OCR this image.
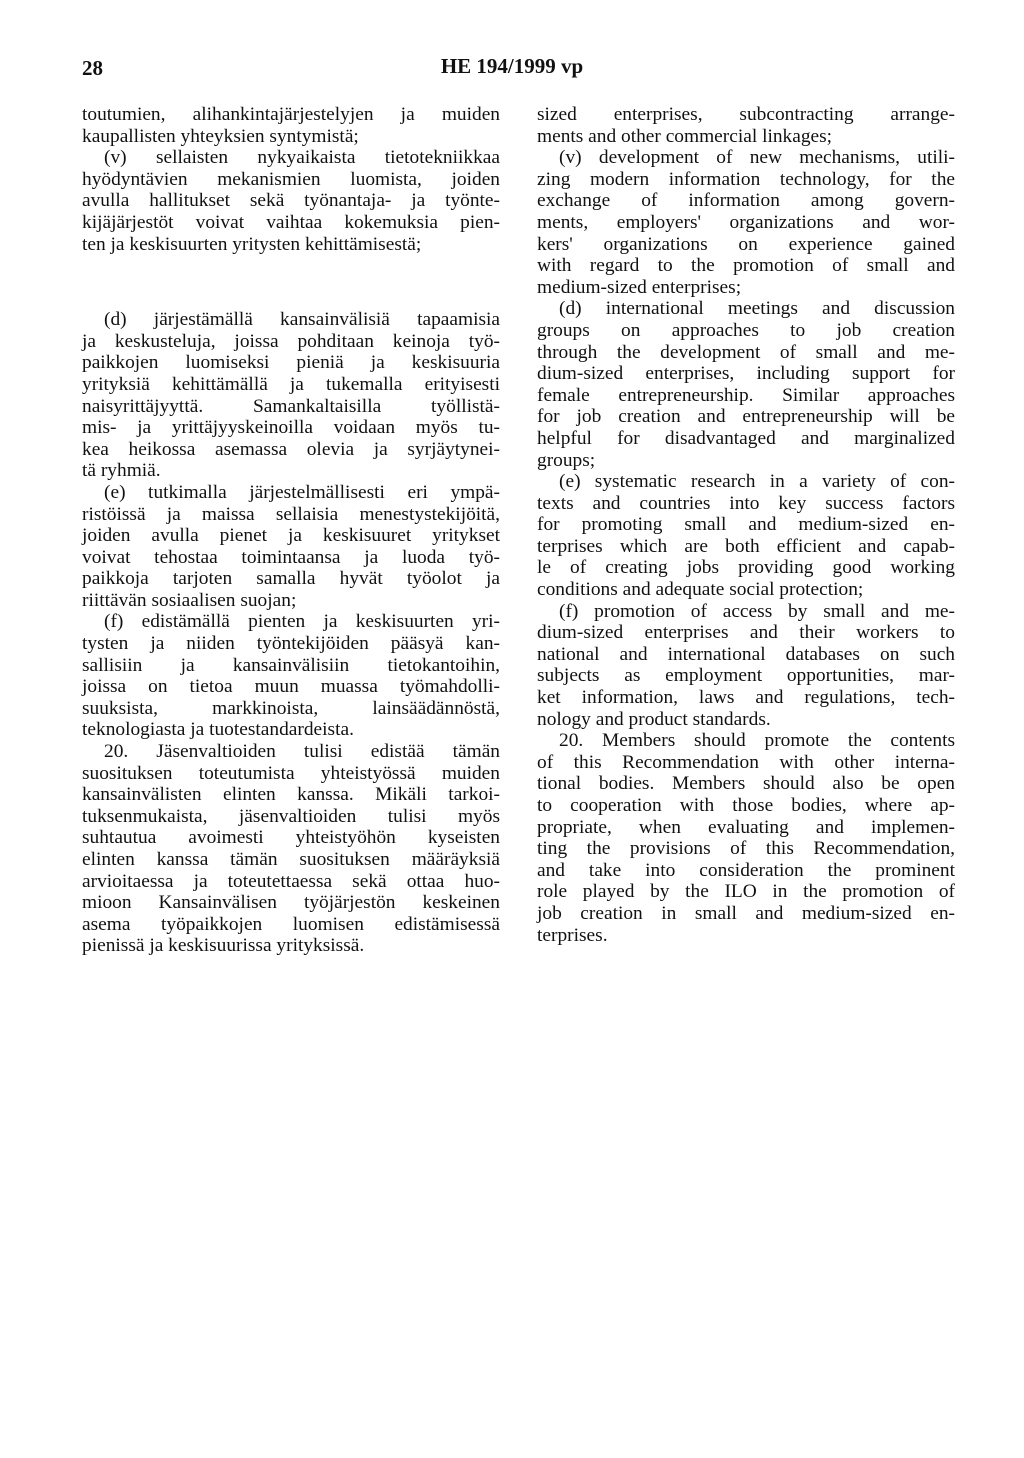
28	HE 194/1999 vp
toutumien, alihankintajärjestelyjen ja muiden
kaupallisten yhteyksien syntymistä;
(v) sellaisten nykyaikaista tietotekniikkaa
hyödyntävien mekanismien luomista, joiden
avulla hallitukset sekä työnantaja- ja työnte-
kijäjärjestöt voivat vaihtaa kokemuksia pien-
ten ja keskisuurten yritysten kehittämisestä;
(d) järjestämällä kansainvälisiä tapaamisia
ja keskusteluja, joissa pohditaan keinoja työ-
paikkojen luomiseksi pieniä ja keskisuuria
yrityksiä kehittämällä ja tukemalla erityisesti
naisyrittäjyyttä. Samankaltaisilla työllistä-
mis- ja yrittäjyyskeinoilla voidaan myös tu-
kea heikossa asemassa olevia ja syrjäytynei-
tä ryhmiä.
(e) tutkimalla järjestelmällisesti eri ympä-
ristöissä ja maissa sellaisia menestystekijöitä,
joiden avulla pienet ja keskisuuret yritykset
voivat tehostaa toimintaansa ja luoda työ-
paikkoja tarjoten samalla hyvät työolot ja
riittävän sosiaalisen suojan;
(f) edistämällä pienten ja keskisuurten yri-
tysten ja niiden työntekijöiden pääsyä kan-
sallisiin ja kansainvälisiin tietokantoihin,
joissa on tietoa muun muassa työmahdolli-
suuksista, markkinoista, lainsäädännöstä,
teknologiasta ja tuotestandardeista.
20. Jäsenvaltioiden tulisi edistää tämän
suosituksen toteutumista yhteistyössä muiden
kansainvälisten elinten kanssa. Mikäli tarkoi-
tuksenmukaista, jäsenvaltioiden tulisi myös
suhtautua avoimesti yhteistyöhön kyseisten
elinten kanssa tämän suosituksen määräyksiä
arvioitaessa ja toteutettaessa sekä ottaa huo-
mioon Kansainvälisen työjärjestön keskeinen
asema työpaikkojen luomisen edistämisessä
pienissä ja keskisuurissa yrityksissä.
sized enterprises, subcontracting arrange-
ments and other commercial linkages;
(v) development of new mechanisms, utili-
zing modern information technology, for the
exchange of information among govern-
ments, employers' organizations and wor-
kers' organizations on experience gained
with regard to the promotion of small and
medium-sized enterprises;
(d) international meetings and discussion
groups on approaches to job creation
through the development of small and me-
dium-sized enterprises, including support for
female entrepreneurship. Similar approaches
for job creation and entrepreneurship will be
helpful for disadvantaged and marginalized
groups;
(e) systematic research in a variety of con-
texts and countries into key success factors
for promoting small and medium-sized en-
terprises which are both efficient and capab-
le of creating jobs providing good working
conditions and adequate social protection;
(f) promotion of access by small and me-
dium-sized enterprises and their workers to
national and international databases on such
subjects as employment opportunities, mar-
ket information, laws and regulations, tech-
nology and product standards.
20. Members should promote the contents
of this Recommendation with other interna-
tional bodies. Members should also be open
to cooperation with those bodies, where ap-
propriate, when evaluating and implemen-
ting the provisions of this Recommendation,
and take into consideration the prominent
role played by the ILO in the promotion of
job creation in small and medium-sized en-
terprises.
